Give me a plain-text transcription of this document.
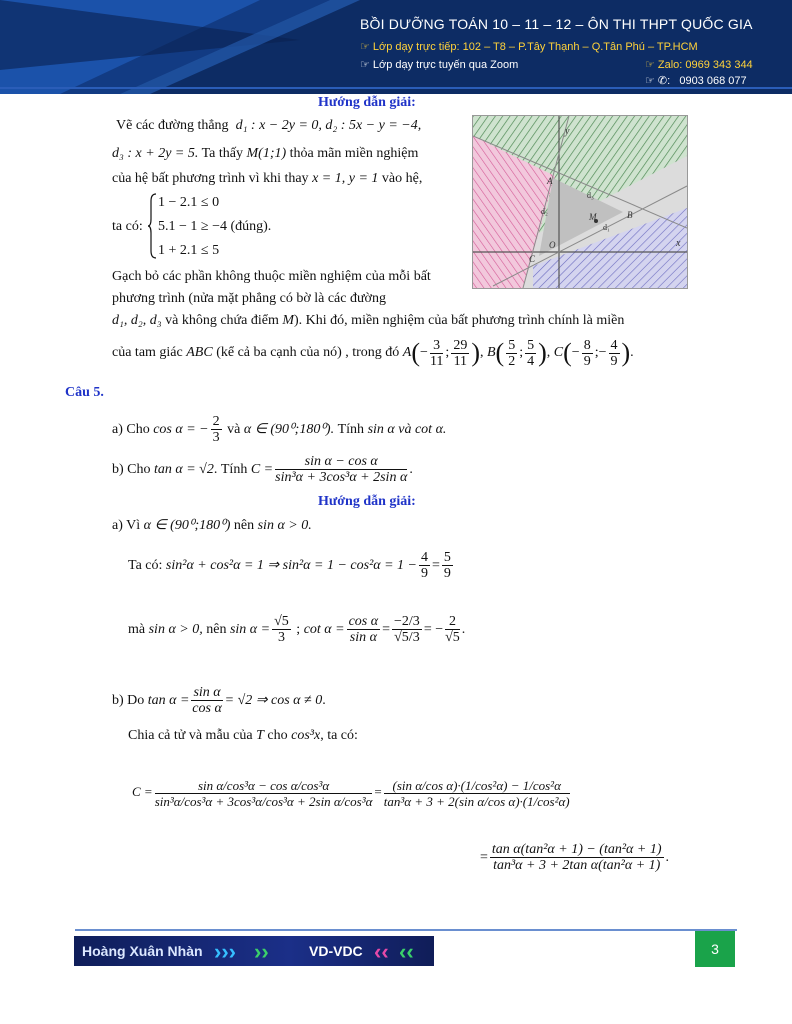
BỒI DƯỠNG TOÁN 10 – 11 – 12 – ÔN THI THPT QUỐC GIA
☞ Lớp dạy trực tiếp: 102 – T8 – P.Tây Thạnh – Q.Tân Phú – TP.HCM
☞ Lớp dạy trực tuyến qua Zoom	☞ Zalo: 0969 343 344
☞ ✆: 0903 068 077
Hướng dẫn giải:
Vẽ các đường thẳng d₁ : x − 2y = 0, d₂ : 5x − y = −4,
d₃ : x + 2y = 5. Ta thấy M(1;1) thỏa mãn miền nghiệm
của hệ bất phương trình vì khi thay x = 1, y = 1 vào hệ,
ta có:
1 − 2.1 ≤ 0
5.1 − 1 ≥ −4 (đúng).
1 + 2.1 ≤ 5
Gạch bỏ các phần không thuộc miền nghiệm của mỗi bất
phương trình (nửa mặt phẳng có bờ là các đường
d₁, d₂, d₃ và không chứa điểm M). Khi đó, miền nghiệm của bất phương trình chính là miền
của tam giác ABC (kể cả ba cạnh của nó) , trong đó $A(- \frac{3}{11}$ ; $\frac{29}{11}$ ), $B( \frac{5}{2}$ ; $\frac{5}{4}$ ), $C(- \frac{8}{9}$ ;− $\frac{4}{9}$ ).
y
x
O
A
B
C
M
d₁
d₂
d₃
Câu 5.
a) Cho cos α = − $\frac{2}{3}$ và α ∈ (90⁰;180⁰). Tính sin α và cot α.
b) Cho tan α = √2. Tính $C = \frac{\text{sin α − cos α}}{\text{sin³α + 3cos³α + 2sin α}}$ .
Hướng dẫn giải:
a) Vì α ∈ (90⁰;180⁰) nên sin α > 0.
Ta có: sin²α + cos²α = 1 ⇒ $\sin^2\alpha = 1 - \cos^2\alpha = 1 - \frac{4}{9} = \frac{5}{9}$
mà sin α > 0, nên $\sin \alpha = \frac{√5}{3}$ ; $\cot \alpha = \frac{\text{cos α}}{\text{sin α}} = \frac{-2/3}{√5/3}$ = − $\frac{2}{√5}$ .
b) Do $\tan \alpha = \frac{\text{sin α}}{\text{cos α}} = √2$ ⇒ cos α ≠ 0.
Chia cả tử và mẫu của T cho cos³x, ta có:
$C = \frac{\text{sin α/cos³α − cos α/cos³α}}{\text{sin³α/cos³α + 3cos³α/cos³α + 2sin α/cos³α}} = \frac{\text{(sin α/cos α)·(1/cos²α) − 1/cos²α}}{\text{tan³α + 3 + 2(sin α/cos α)·(1/cos²α)}}$
= $\frac{\text{tan α(tan²α + 1) − (tan²α + 1)}}{\text{tan³α + 3 + 2tan α(tan²α + 1)}}$ .
Hoàng Xuân Nhàn ››› ››	VD-VDC ‹‹ ‹‹	3
